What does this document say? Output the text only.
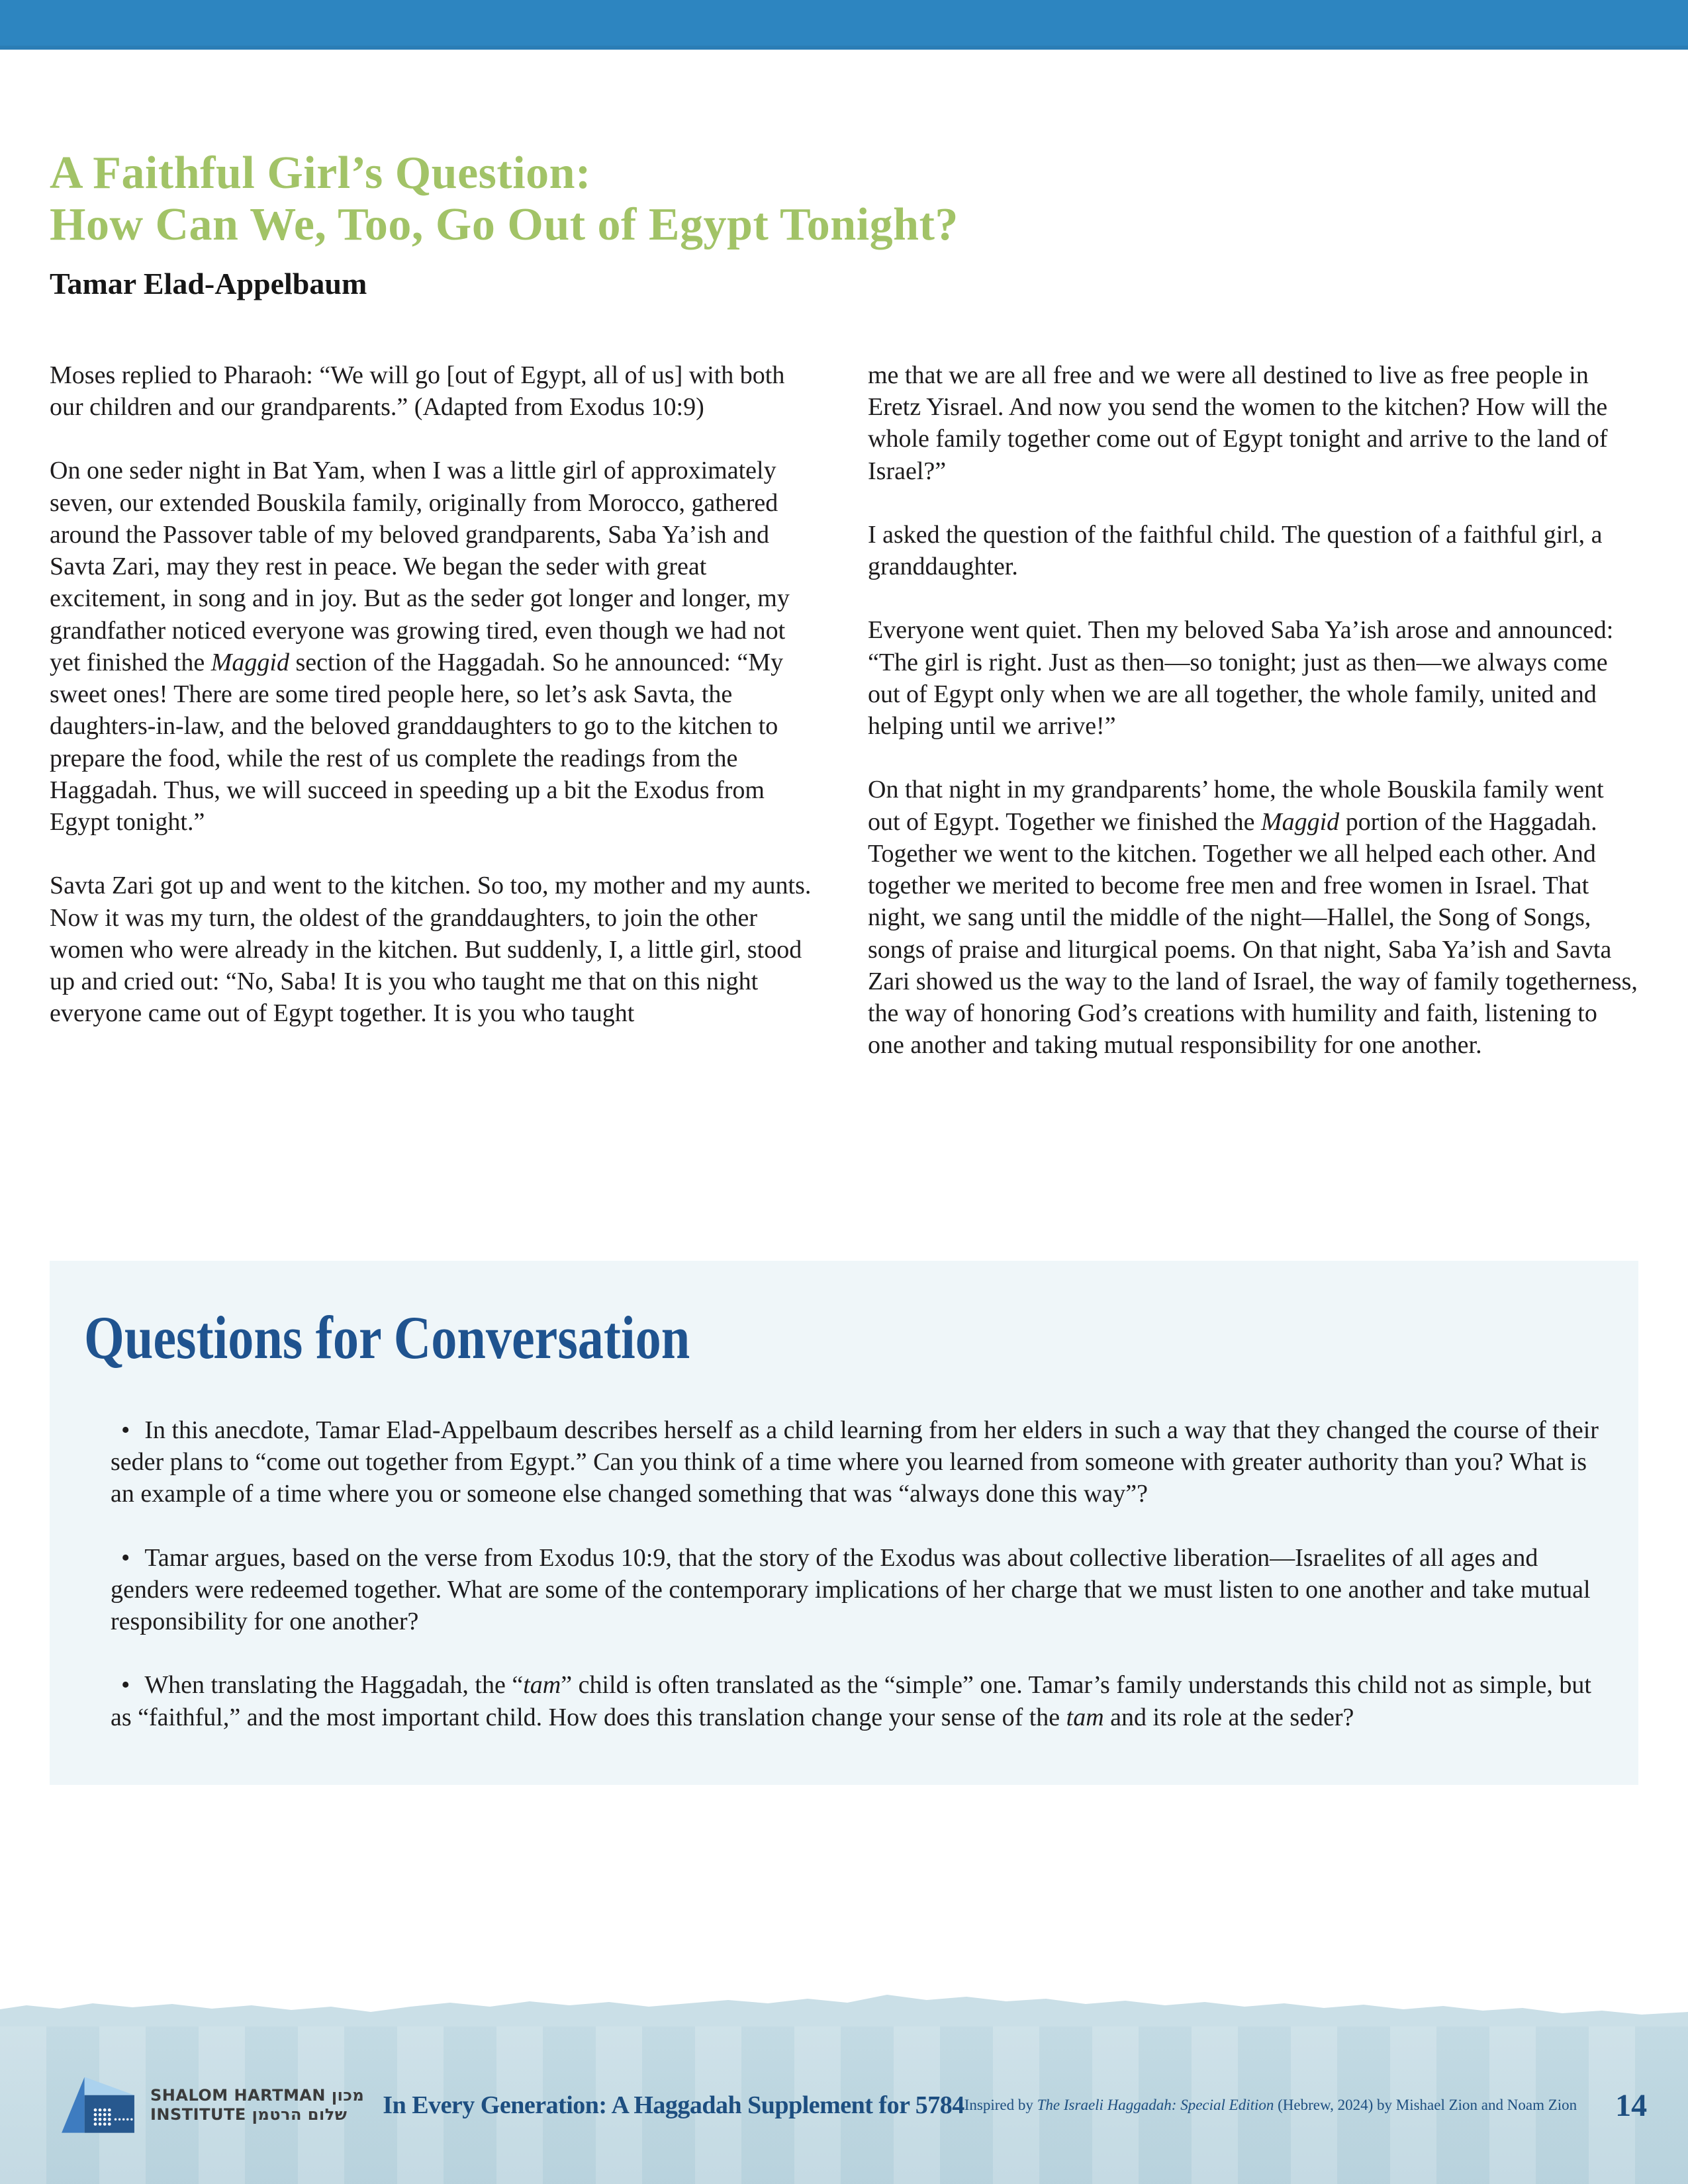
A Faithful Girl’s Question:
How Can We, Too, Go Out of Egypt Tonight?
Tamar Elad-Appelbaum

Moses replied to Pharaoh: “We will go [out of Egypt, all of us] with both our children and our grandparents.” (Adapted from Exodus 10:9)

On one seder night in Bat Yam, when I was a little girl of approximately seven, our extended Bouskila family, originally from Morocco, gathered around the Passover table of my beloved grandparents, Saba Ya’ish and Savta Zari, may they rest in peace. We began the seder with great excitement, in song and in joy. But as the seder got longer and longer, my grandfather noticed everyone was growing tired, even though we had not yet finished the Maggid section of the Haggadah. So he announced: “My sweet ones! There are some tired people here, so let’s ask Savta, the daughters-in-law, and the beloved granddaughters to go to the kitchen to prepare the food, while the rest of us complete the readings from the Haggadah. Thus, we will succeed in speeding up a bit the Exodus from Egypt tonight.”

Savta Zari got up and went to the kitchen. So too, my mother and my aunts. Now it was my turn, the oldest of the granddaughters, to join the other women who were already in the kitchen. But suddenly, I, a little girl, stood up and cried out: “No, Saba! It is you who taught me that on this night everyone came out of Egypt together. It is you who taught

me that we are all free and we were all destined to live as free people in Eretz Yisrael. And now you send the women to the kitchen? How will the whole family together come out of Egypt tonight and arrive to the land of Israel?”

I asked the question of the faithful child. The question of a faithful girl, a granddaughter.

Everyone went quiet. Then my beloved Saba Ya’ish arose and announced: “The girl is right. Just as then—so tonight; just as then—we always come out of Egypt only when we are all together, the whole family, united and helping until we arrive!”

On that night in my grandparents’ home, the whole Bouskila family went out of Egypt. Together we finished the Maggid portion of the Haggadah. Together we went to the kitchen. Together we all helped each other. And together we merited to become free men and free women in Israel. That night, we sang until the middle of the night—Hallel, the Song of Songs, songs of praise and liturgical poems. On that night, Saba Ya’ish and Savta Zari showed us the way to the land of Israel, the way of family togetherness, the way of honoring God’s creations with humility and faith, listening to one another and taking mutual responsibility for one another.

Questions for Conversation

• In this anecdote, Tamar Elad-Appelbaum describes herself as a child learning from her elders in such a way that they changed the course of their seder plans to “come out together from Egypt.” Can you think of a time where you learned from someone with greater authority than you? What is an example of a time where you or someone else changed something that was “always done this way”?

• Tamar argues, based on the verse from Exodus 10:9, that the story of the Exodus was about collective liberation—Israelites of all ages and genders were redeemed together. What are some of the contemporary implications of her charge that we must listen to one another and take mutual responsibility for one another?

• When translating the Haggadah, the “tam” child is often translated as the “simple” one. Tamar’s family understands this child not as simple, but as “faithful,” and the most important child. How does this translation change your sense of the tam and its role at the seder?

SHALOM HARTMAN מכון
INSTITUTE שלום הרטמן	In Every Generation: A Haggadah Supplement for 5784 Inspired by The Israeli Haggadah: Special Edition (Hebrew, 2024) by Mishael Zion and Noam Zion 14
